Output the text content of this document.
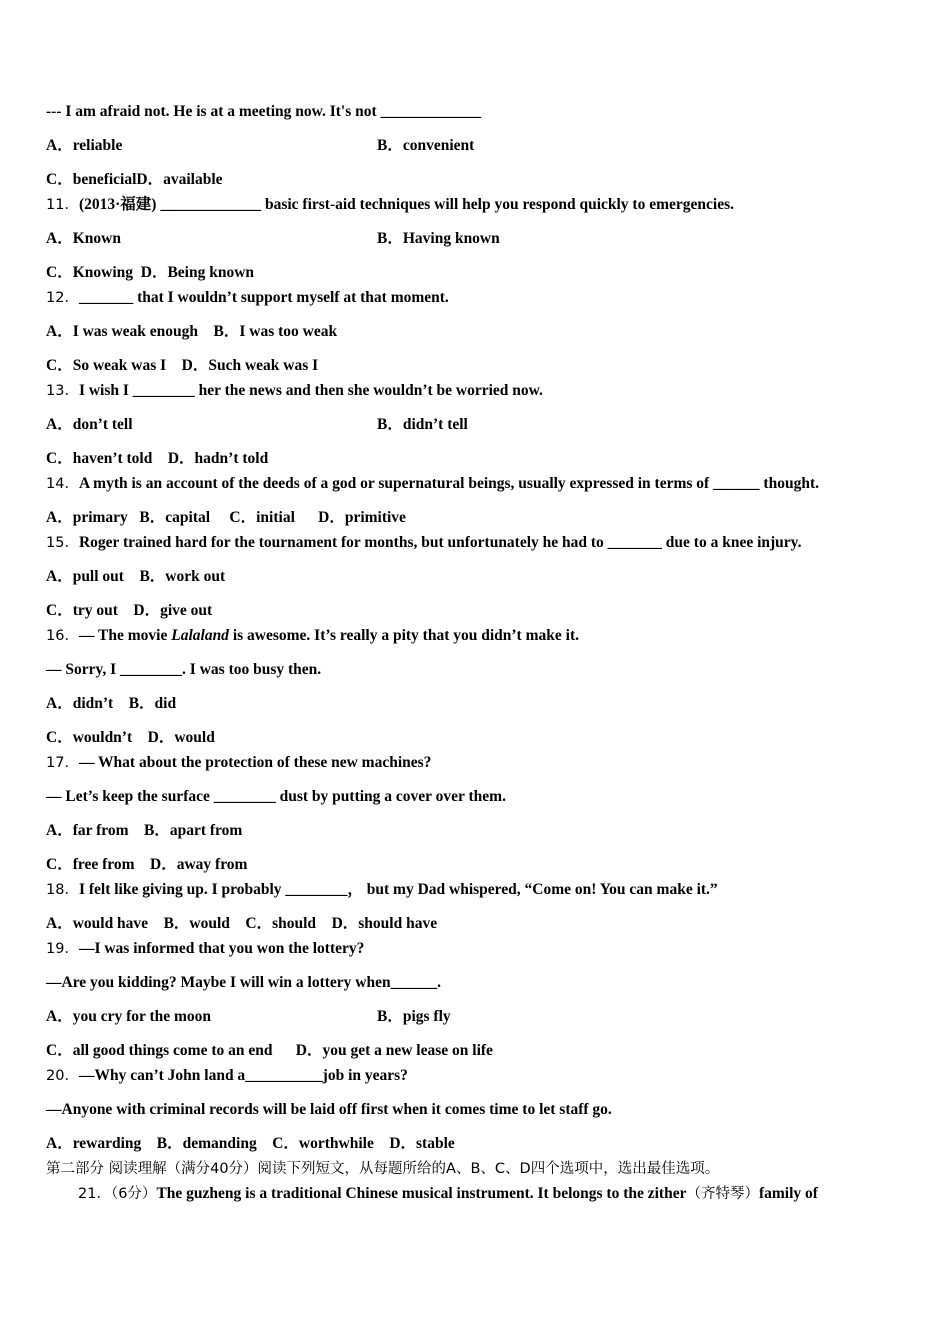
--- I am afraid not. He is at a meeting now. It's not _____________
A．reliable	B．convenient
C．beneficialD．available
11．(2013·福建) _____________ basic first-aid techniques will help you respond quickly to emergencies.
A．Known	B．Having known
C．Knowing D．Being known
12．_______ that I wouldn’t support myself at that moment.
A．I was weak enough B．I was too weak
C．So weak was I D．Such weak was I
13．I wish I ________ her the news and then she wouldn’t be worried now.
A．don’t tell	B．didn’t tell
C．haven’t told D．hadn’t told
14．A myth is an account of the deeds of a god or supernatural beings, usually expressed in terms of ______ thought.
A．primary B．capital C．initial D．primitive
15．Roger trained hard for the tournament for months, but unfortunately he had to _______ due to a knee injury.
A．pull out B．work out
C．try out D．give out
16．— The movie Lalaland is awesome. It’s really a pity that you didn’t make it.
— Sorry, I ________. I was too busy then.
A．didn’t B．did
C．wouldn’t D．would
17．— What about the protection of these new machines?
— Let’s keep the surface ________ dust by putting a cover over them.
A．far from B．apart from
C．free from D．away from
18．I felt like giving up. I probably ________， but my Dad whispered, “Come on! You can make it.”
A．would have B．would C．should D．should have
19．—I was informed that you won the lottery?
—Are you kidding? Maybe I will win a lottery when______.
A．you cry for the moon	B．pigs fly
C．all good things come to an end D．you get a new lease on life
20．—Why can’t John land a__________job in years?
—Anyone with criminal records will be laid off first when it comes time to let staff go.
A．rewarding B．demanding C．worthwhile D．stable
第二部分 阅读理解（满分40分）阅读下列短文，从每题所给的A、B、C、D四个选项中，选出最佳选项。
21．（6分）The guzheng is a traditional Chinese musical instrument. It belongs to the zither（齐特琴）family of
